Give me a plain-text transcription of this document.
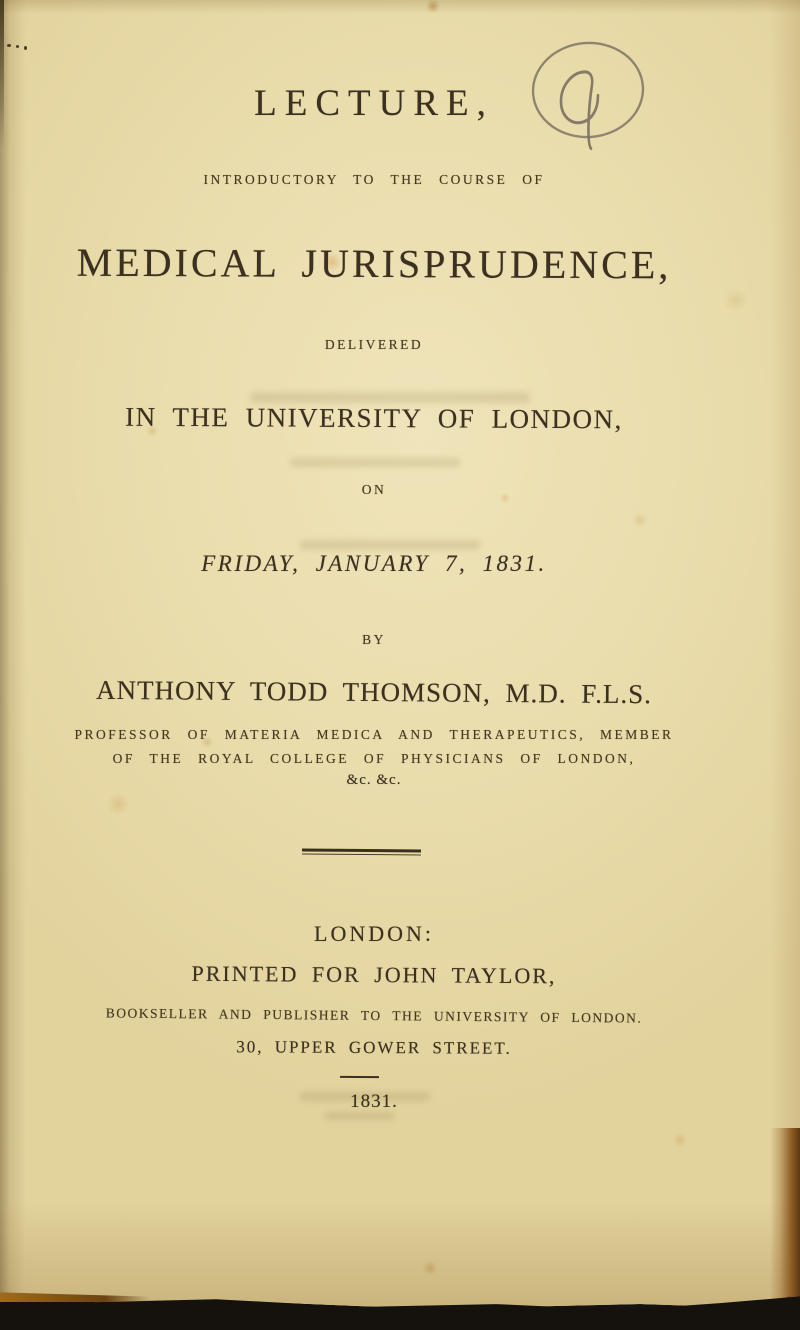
LECTURE,
INTRODUCTORY TO THE COURSE OF
MEDICAL JURISPRUDENCE,
DELIVERED
IN THE UNIVERSITY OF LONDON,
ON
FRIDAY, JANUARY 7, 1831.
BY
ANTHONY TODD THOMSON, M.D. F.L.S.
PROFESSOR OF MATERIA MEDICA AND THERAPEUTICS, MEMBER
OF THE ROYAL COLLEGE OF PHYSICIANS OF LONDON,
&c. &c.
LONDON:
PRINTED FOR JOHN TAYLOR,
BOOKSELLER AND PUBLISHER TO THE UNIVERSITY OF LONDON.
30, UPPER GOWER STREET.
1831.
